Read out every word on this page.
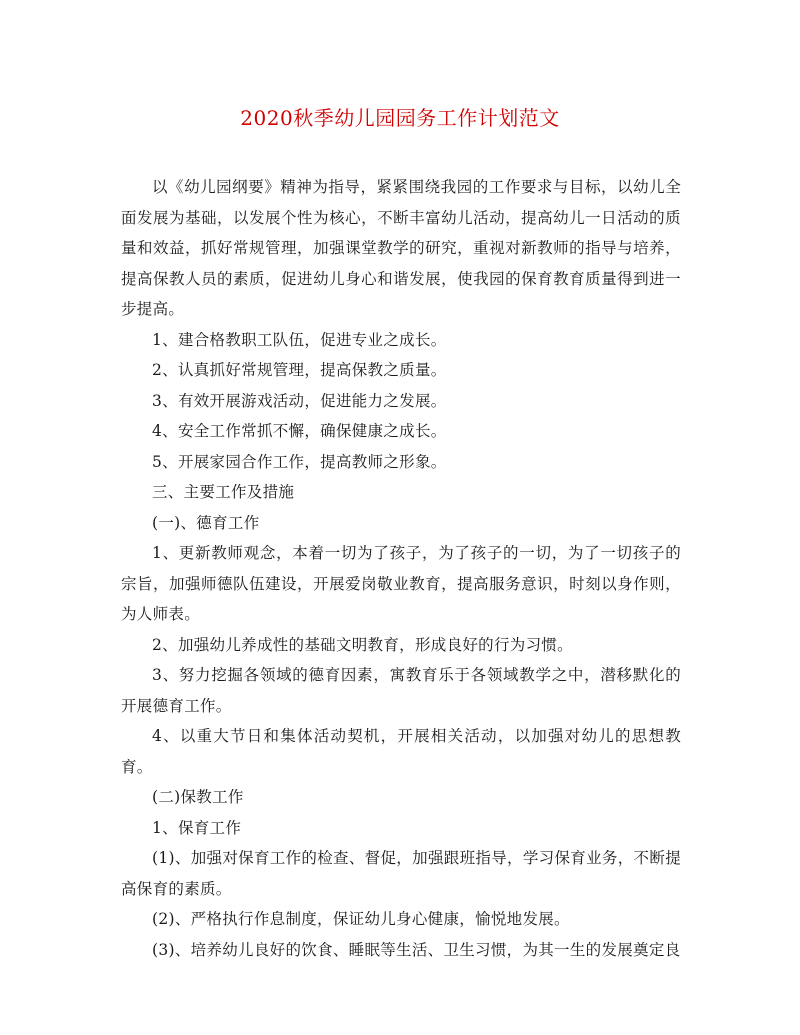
2020秋季幼儿园园务工作计划范文

以《幼儿园纲要》精神为指导，紧紧围绕我园的工作要求与目标，以幼儿全面发展为基础，以发展个性为核心，不断丰富幼儿活动，提高幼儿一日活动的质量和效益，抓好常规管理，加强课堂教学的研究，重视对新教师的指导与培养，提高保教人员的素质，促进幼儿身心和谐发展，使我园的保育教育质量得到进一步提高。

1、建合格教职工队伍，促进专业之成长。

2、认真抓好常规管理，提高保教之质量。

3、有效开展游戏活动，促进能力之发展。

4、安全工作常抓不懈，确保健康之成长。

5、开展家园合作工作，提高教师之形象。

三、主要工作及措施

(一)、德育工作

1、更新教师观念，本着一切为了孩子，为了孩子的一切，为了一切孩子的宗旨，加强师德队伍建设，开展爱岗敬业教育，提高服务意识，时刻以身作则，为人师表。

2、加强幼儿养成性的基础文明教育，形成良好的行为习惯。

3、努力挖掘各领域的德育因素，寓教育乐于各领域教学之中，潜移默化的开展德育工作。

4、以重大节日和集体活动契机，开展相关活动，以加强对幼儿的思想教育。

(二)保教工作

1、保育工作

(1)、加强对保育工作的检查、督促，加强跟班指导，学习保育业务，不断提高保育的素质。

(2)、严格执行作息制度，保证幼儿身心健康，愉悦地发展。

(3)、培养幼儿良好的饮食、睡眠等生活、卫生习惯，为其一生的发展奠定良
